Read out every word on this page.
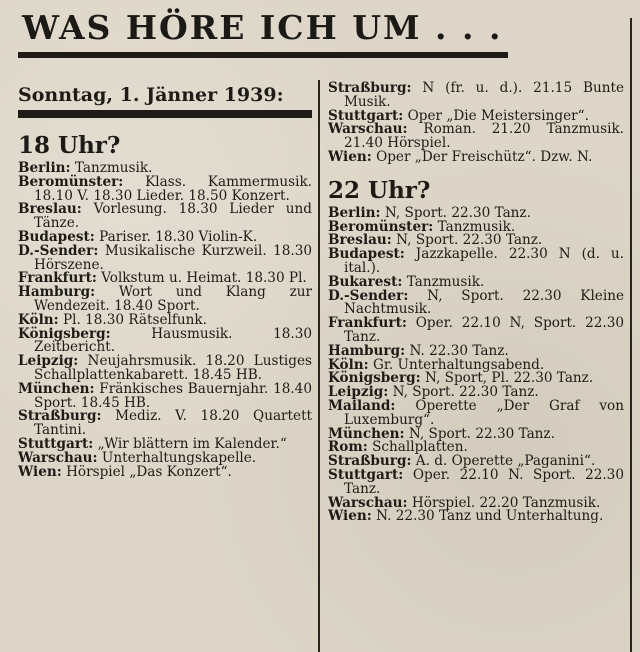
WAS HÖRE ICH UM . . .
Sonntag, 1. Jänner 1939:
18 Uhr?

Berlin: Tanzmusik.

Beromünster: Klass. Kammermusik. 18.10 V. 18.30 Lieder. 18.50 Konzert.

Breslau: Vorlesung. 18.30 Lieder und Tänze.

Budapest: Pariser. 18.30 Violin-K.

D.-Sender: Musikalische Kurzweil. 18.30 Hörszene.

Frankfurt: Volkstum u. Heimat. 18.30 Pl.

Hamburg: Wort und Klang zur Wendezeit. 18.40 Sport.

Köln: Pl. 18.30 Rätselfunk.

Königsberg:	Hausmusik. 18.30 Zeitbericht.

Leipzig: Neujahrsmusik. 18.20 Lustiges Schallplattenkabarett. 18.45 HB.

München: Fränkisches Bauernjahr. 18.40 Sport. 18.45 HB.

Straßburg: Mediz. V. 18.20 Quartett Tantini.

Stuttgart: „Wir blättern im Kalender.“

Warschau: Unterhaltungskapelle.

Wien: Hörspiel „Das Konzert“.

Straßburg: N (fr. u. d.). 21.15 Bunte Musik.

Stuttgart: Oper „Die Meistersinger“.

Warschau: Roman. 21.20 Tanzmusik. 21.40 Hörspiel.

Wien: Oper „Der Freischütz“. Dzw. N.

22 Uhr?

Berlin: N, Sport. 22.30 Tanz.

Beromünster: Tanzmusik.

Breslau: N, Sport. 22.30 Tanz.

Budapest: Jazzkapelle. 22.30 N (d. u. ital.).

Bukarest: Tanzmusik.

D.-Sender: N, Sport. 22.30 Kleine Nachtmusik.

Frankfurt: Oper. 22.10 N, Sport. 22.30 Tanz.

Hamburg: N. 22.30 Tanz.

Köln: Gr. Unterhaltungsabend.

Königsberg: N, Sport, Pl. 22.30 Tanz.

Leipzig: N, Sport. 22.30 Tanz.

Mailand: Operette „Der Graf von Luxemburg“.

München: N, Sport. 22.30 Tanz.

Rom: Schallplatten.

Straßburg: A. d. Operette „Paganini“.

Stuttgart: Oper. 22.10 N. Sport. 22.30 Tanz.

Warschau: Hörspiel. 22.20 Tanzmusik.

Wien: N. 22.30 Tanz und Unterhaltung.
